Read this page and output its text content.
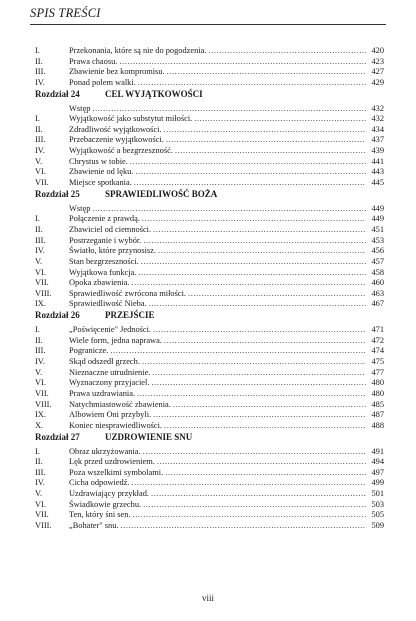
SPIS TREŚCI
I.	Przekonania, które są nie do pogodzenia. .....	420
II.	Prawa chaosu. .....	423
III.	Zbawienie bez kompromisu. .....	427
IV.	Ponad polem walki. .....	429
Rozdział 24	CEL WYJĄTKOWOŚCI
Wstęp .....	432
I.	Wyjątkowość jako substytut miłości. .....	432
II.	Zdradliwość wyjątkowości. .....	434
III.	Przebaczenie wyjątkowości. .....	437
IV.	Wyjątkowość a bezgrzeszność. .....	439
V.	Chrystus w tobie. .....	441
VI.	Zbawienie od lęku. .....	443
VII.	Miejsce spotkania. .....	445
Rozdział 25	SPRAWIEDLIWOŚĆ BOŻA
Wstęp .....	449
I.	Połączenie z prawdą. .....	449
II.	Zbawiciel od ciemności. .....	451
III.	Postrzeganie i wybór. .....	453
IV.	Światło, które przynosisz. .....	456
V.	Stan bezgrzeszności. .....	457
VI.	Wyjątkowa funkcja. .....	458
VII.	Opoka zbawienia. .....	460
VIII.	Sprawiedliwość zwrócona miłości. .....	463
IX.	Sprawiedliwość Nieba. .....	467
Rozdział 26	PRZEJŚCIE
I.	„Poświęcenie" Jedności. .....	471
II.	Wiele form, jedna naprawa. .....	472
III.	Pogranicze. .....	474
IV.	Skąd odszedł grzech. .....	475
V.	Nieznaczne utrudnienie. .....	477
VI.	Wyznaczony przyjaciel. .....	480
VII.	Prawa uzdrawiania. .....	480
VIII.	Natychmiastowość zbawienia. .....	485
IX.	Albowiem Oni przybyli. .....	487
X.	Koniec niesprawiedliwości. .....	488
Rozdział 27	UZDROWIENIE SNU
I.	Obraz ukrzyżowania. .....	491
II.	Lęk przed uzdrowieniem. .....	494
III.	Poza wszelkimi symbolami. .....	497
IV.	Cicha odpowiedź. .....	499
V.	Uzdrawiający przykład. .....	501
VI.	Świadkowie grzechu. .....	503
VII.	Ten, który śni sen. .....	505
VIII.	„Bohater" snu. .....	509
viii
